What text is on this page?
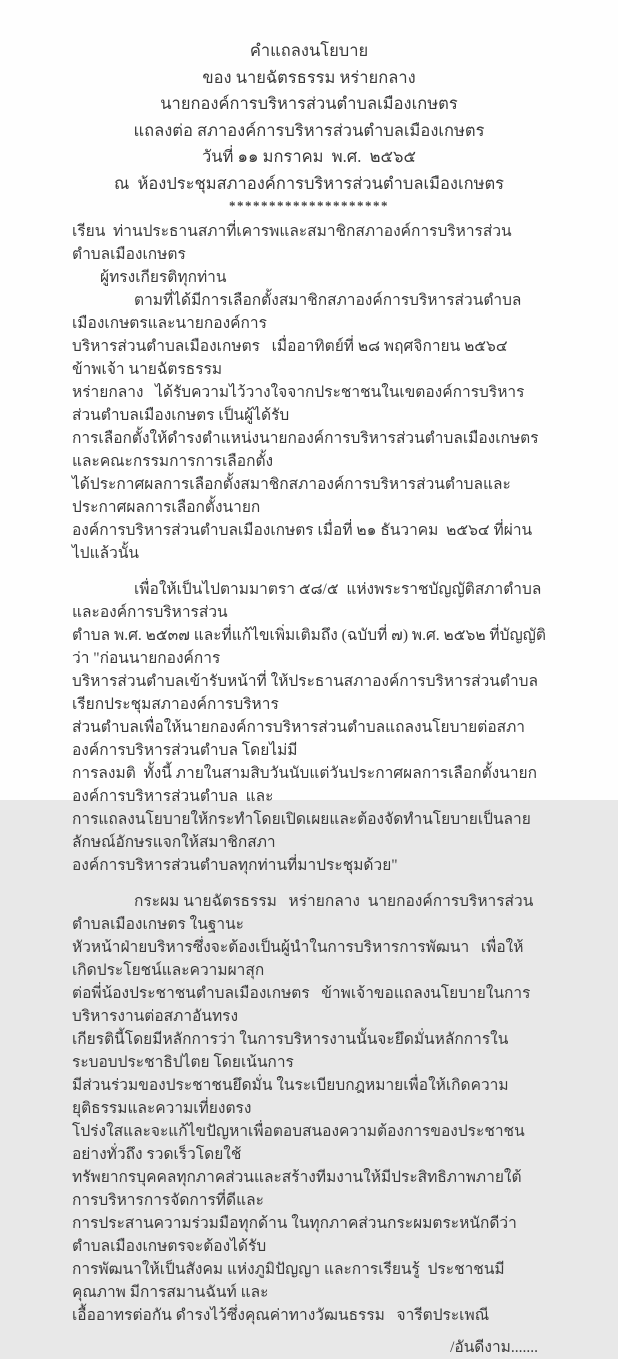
คำแถลงนโยบาย
ของ นายฉัตรธรรม หร่ายกลาง
นายกองค์การบริหารส่วนตำบลเมืองเกษตร
แถลงต่อ สภาองค์การบริหารส่วนตำบลเมืองเกษตร
วันที่ ๑๑ มกราคม  พ.ศ.  ๒๕๖๕
ณ  ห้องประชุมสภาองค์การบริหารส่วนตำบลเมืองเกษตร
********************
เรียน  ท่านประธานสภาที่เคารพและสมาชิกสภาองค์การบริหารส่วนตำบลเมืองเกษตร
ผู้ทรงเกียรติทุกท่าน
ตามที่ได้มีการเลือกตั้งสมาชิกสภาองค์การบริหารส่วนตำบลเมืองเกษตรและนายกองค์การ
บริหารส่วนตำบลเมืองเกษตร   เมื่ออาทิตย์ที่ ๒๘ พฤศจิกายน ๒๕๖๔   ข้าพเจ้า นายฉัตรธรรม
หร่ายกลาง   ได้รับความไว้วางใจจากประชาชนในเขตองค์การบริหารส่วนตำบลเมืองเกษตร เป็นผู้ได้รับ
การเลือกตั้งให้ดำรงตำแหน่งนายกองค์การบริหารส่วนตำบลเมืองเกษตร และคณะกรรมการการเลือกตั้ง
ได้ประกาศผลการเลือกตั้งสมาชิกสภาองค์การบริหารส่วนตำบลและประกาศผลการเลือกตั้งนายก
องค์การบริหารส่วนตำบลเมืองเกษตร เมื่อที่ ๒๑ ธันวาคม  ๒๕๖๔ ที่ผ่านไปแล้วนั้น
เพื่อให้เป็นไปตามมาตรา ๕๘/๕  แห่งพระราชบัญญัติสภาตำบลและองค์การบริหารส่วน
ตำบล พ.ศ. ๒๕๓๗ และที่แก้ไขเพิ่มเติมถึง (ฉบับที่ ๗) พ.ศ. ๒๕๖๒ ที่บัญญัติว่า "ก่อนนายกองค์การ
บริหารส่วนตำบลเข้ารับหน้าที่ ให้ประธานสภาองค์การบริหารส่วนตำบลเรียกประชุมสภาองค์การบริหาร
ส่วนตำบลเพื่อให้นายกองค์การบริหารส่วนตำบลแถลงนโยบายต่อสภาองค์การบริหารส่วนตำบล โดยไม่มี
การลงมติ  ทั้งนี้ ภายในสามสิบวันนับแต่วันประกาศผลการเลือกตั้งนายกองค์การบริหารส่วนตำบล  และ
การแถลงนโยบายให้กระทำโดยเปิดเผยและต้องจัดทำนโยบายเป็นลายลักษณ์อักษรแจกให้สมาชิกสภา
องค์การบริหารส่วนตำบลทุกท่านที่มาประชุมด้วย"
กระผม นายฉัตรธรรม   หร่ายกลาง  นายกองค์การบริหารส่วนตำบลเมืองเกษตร ในฐานะ
หัวหน้าฝ่ายบริหารซึ่งจะต้องเป็นผู้นำในการบริหารการพัฒนา   เพื่อให้เกิดประโยชน์และความผาสุก
ต่อพี่น้องประชาชนตำบลเมืองเกษตร   ข้าพเจ้าขอแถลงนโยบายในการบริหารงานต่อสภาอันทรง
เกียรตินี้โดยมีหลักการว่า ในการบริหารงานนั้นจะยึดมั่นหลักการในระบอบประชาธิปไตย โดยเน้นการ
มีส่วนร่วมของประชาชนยึดมั่น ในระเบียบกฎหมายเพื่อให้เกิดความยุติธรรมและความเที่ยงตรง
โปร่งใสและจะแก้ไขปัญหาเพื่อตอบสนองความต้องการของประชาชนอย่างทั่วถึง รวดเร็วโดยใช้
ทรัพยากรบุคคลทุกภาคส่วนและสร้างทีมงานให้มีประสิทธิภาพภายใต้การบริหารการจัดการที่ดีและ
การประสานความร่วมมือทุกด้าน ในทุกภาคส่วนกระผมตระหนักดีว่าตำบลเมืองเกษตรจะต้องได้รับ
การพัฒนาให้เป็นสังคม แห่งภูมิปัญญา และการเรียนรู้  ประชาชนมีคุณภาพ มีการสมานฉันท์ และ
เอื้ออาทรต่อกัน ดำรงไว้ซึ่งคุณค่าทางวัฒนธรรม   จารีตประเพณี
/อันดีงาม.......
